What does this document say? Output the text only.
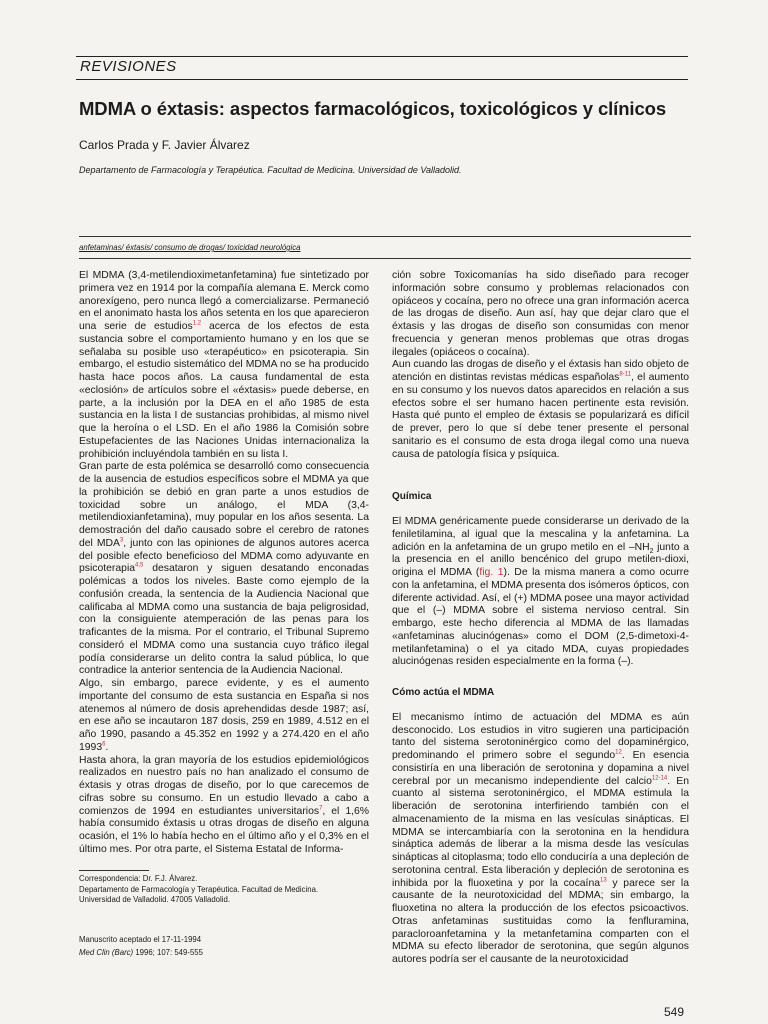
REVISIONES
MDMA o éxtasis: aspectos farmacológicos, toxicológicos y clínicos
Carlos Prada y F. Javier Álvarez
Departamento de Farmacología y Terapéutica. Facultad de Medicina. Universidad de Valladolid.
anfetaminas/ éxtasis/ consumo de drogas/ toxicidad neurológica

El MDMA (3,4-metilendioximetanfetamina) fue sintetizado por primera vez en 1914 por la compañía alemana E. Merck como anorexígeno, pero nunca llegó a comercializarse. Permaneció en el anonimato hasta los años setenta en los que aparecieron una serie de estudios$^{1,2}$ acerca de los efectos de esta sustancia sobre el comportamiento humano y en los que se señalaba su posible uso «terapéutico» en psicoterapia. Sin embargo, el estudio sistemático del MDMA no se ha producido hasta hace pocos años. La causa fundamental de esta «eclosión» de artículos sobre el «éxtasis» puede deberse, en parte, a la inclusión por la DEA en el año 1985 de esta sustancia en la lista I de sustancias prohibidas, al mismo nivel que la heroína o el LSD. En el año 1986 la Comisión sobre Estupefacientes de las Naciones Unidas internacionaliza la prohibición incluyéndola también en su lista I.

Gran parte de esta polémica se desarrolló como consecuencia de la ausencia de estudios específicos sobre el MDMA ya que la prohibición se debió en gran parte a unos estudios de toxicidad sobre un análogo, el MDA (3,4-metilendioxianfetamina), muy popular en los años sesenta. La demostración del daño causado sobre el cerebro de ratones del MDA$^3$, junto con las opiniones de algunos autores acerca del posible efecto beneficioso del MDMA como adyuvante en psicoterapia$^{4,5}$ desataron y siguen desatando enconadas polémicas a todos los niveles. Baste como ejemplo de la confusión creada, la sentencia de la Audiencia Nacional que calificaba al MDMA como una sustancia de baja peligrosidad, con la consiguiente atemperación de las penas para los traficantes de la misma. Por el contrario, el Tribunal Supremo consideró el MDMA como una sustancia cuyo tráfico ilegal podía considerarse un delito contra la salud pública, lo que contradice la anterior sentencia de la Audiencia Nacional.

Algo, sin embargo, parece evidente, y es el aumento importante del consumo de esta sustancia en España si nos atenemos al número de dosis aprehendidas desde 1987; así, en ese año se incautaron 187 dosis, 259 en 1989, 4.512 en el año 1990, pasando a 45.352 en 1992 y a 274.420 en el año 1993$^6$.

Hasta ahora, la gran mayoría de los estudios epidemiológicos realizados en nuestro país no han analizado el consumo de éxtasis y otras drogas de diseño, por lo que carecemos de cifras sobre su consumo. En un estudio llevado a cabo a comienzos de 1994 en estudiantes universitarios$^7$, el 1,6% había consumido éxtasis u otras drogas de diseño en alguna ocasión, el 1% lo había hecho en el último año y el 0,3% en el último mes. Por otra parte, el Sistema Estatal de Informa-

ción sobre Toxicomanías ha sido diseñado para recoger información sobre consumo y problemas relacionados con opiáceos y cocaína, pero no ofrece una gran información acerca de las drogas de diseño. Aun así, hay que dejar claro que el éxtasis y las drogas de diseño son consumidas con menor frecuencia y generan menos problemas que otras drogas ilegales (opiáceos o cocaína).

Aun cuando las drogas de diseño y el éxtasis han sido objeto de atención en distintas revistas médicas españolas$^{8-11}$, el aumento en su consumo y los nuevos datos aparecidos en relación a sus efectos sobre el ser humano hacen pertinente esta revisión. Hasta qué punto el empleo de éxtasis se popularizará es difícil de prever, pero lo que sí debe tener presente el personal sanitario es el consumo de esta droga ilegal como una nueva causa de patología física y psíquica.

Química

El MDMA genéricamente puede considerarse un derivado de la feniletilamina, al igual que la mescalina y la anfetamina. La adición en la anfetamina de un grupo metilo en el $-NH_2$ junto a la presencia en el anillo bencénico del grupo metilen-dioxi, origina el MDMA (fig. 1). De la misma manera a como ocurre con la anfetamina, el MDMA presenta dos isómeros ópticos, con diferente actividad. Así, el (+) MDMA posee una mayor actividad que el (–) MDMA sobre el sistema nervioso central. Sin embargo, este hecho diferencia al MDMA de las llamadas «anfetaminas alucinógenas» como el DOM (2,5-dimetoxi-4-metilanfetamina) o el ya citado MDA, cuyas propiedades alucinógenas residen especialmente en la forma (–).

Cómo actúa el MDMA

El mecanismo íntimo de actuación del MDMA es aún desconocido. Los estudios in vitro sugieren una participación tanto del sistema serotoninérgico como del dopaminérgico, predominando el primero sobre el segundo$^{12}$. En esencia consistiría en una liberación de serotonina y dopamina a nivel cerebral por un mecanismo independiente del calcio$^{12-14}$. En cuanto al sistema serotoninérgico, el MDMA estimula la liberación de serotonina interfiriendo también con el almacenamiento de la misma en las vesículas sinápticas. El MDMA se intercambiaría con la serotonina en la hendidura sináptica además de liberar a la misma desde las vesículas sinápticas al citoplasma; todo ello conduciría a una depleción de serotonina central. Esta liberación y depleción de serotonina es inhibida por la fluoxetina y por la cocaína$^{13}$ y parece ser la causante de la neurotoxicidad del MDMA; sin embargo, la fluoxetina no altera la producción de los efectos psicoactivos. Otras anfetaminas sustituidas como la fenfluramina, paracloroanfetamina y la metanfetamina comparten con el MDMA su efecto liberador de serotonina, que según algunos autores podría ser el causante de la neurotoxicidad

Correspondencia: Dr. F.J. Álvarez.
Departamento de Farmacología y Terapéutica. Facultad de Medicina.
Universidad de Valladolid. 47005 Valladolid.
Manuscrito aceptado el 17-11-1994
Med Clin (Barc) 1996; 107: 549-555
549
